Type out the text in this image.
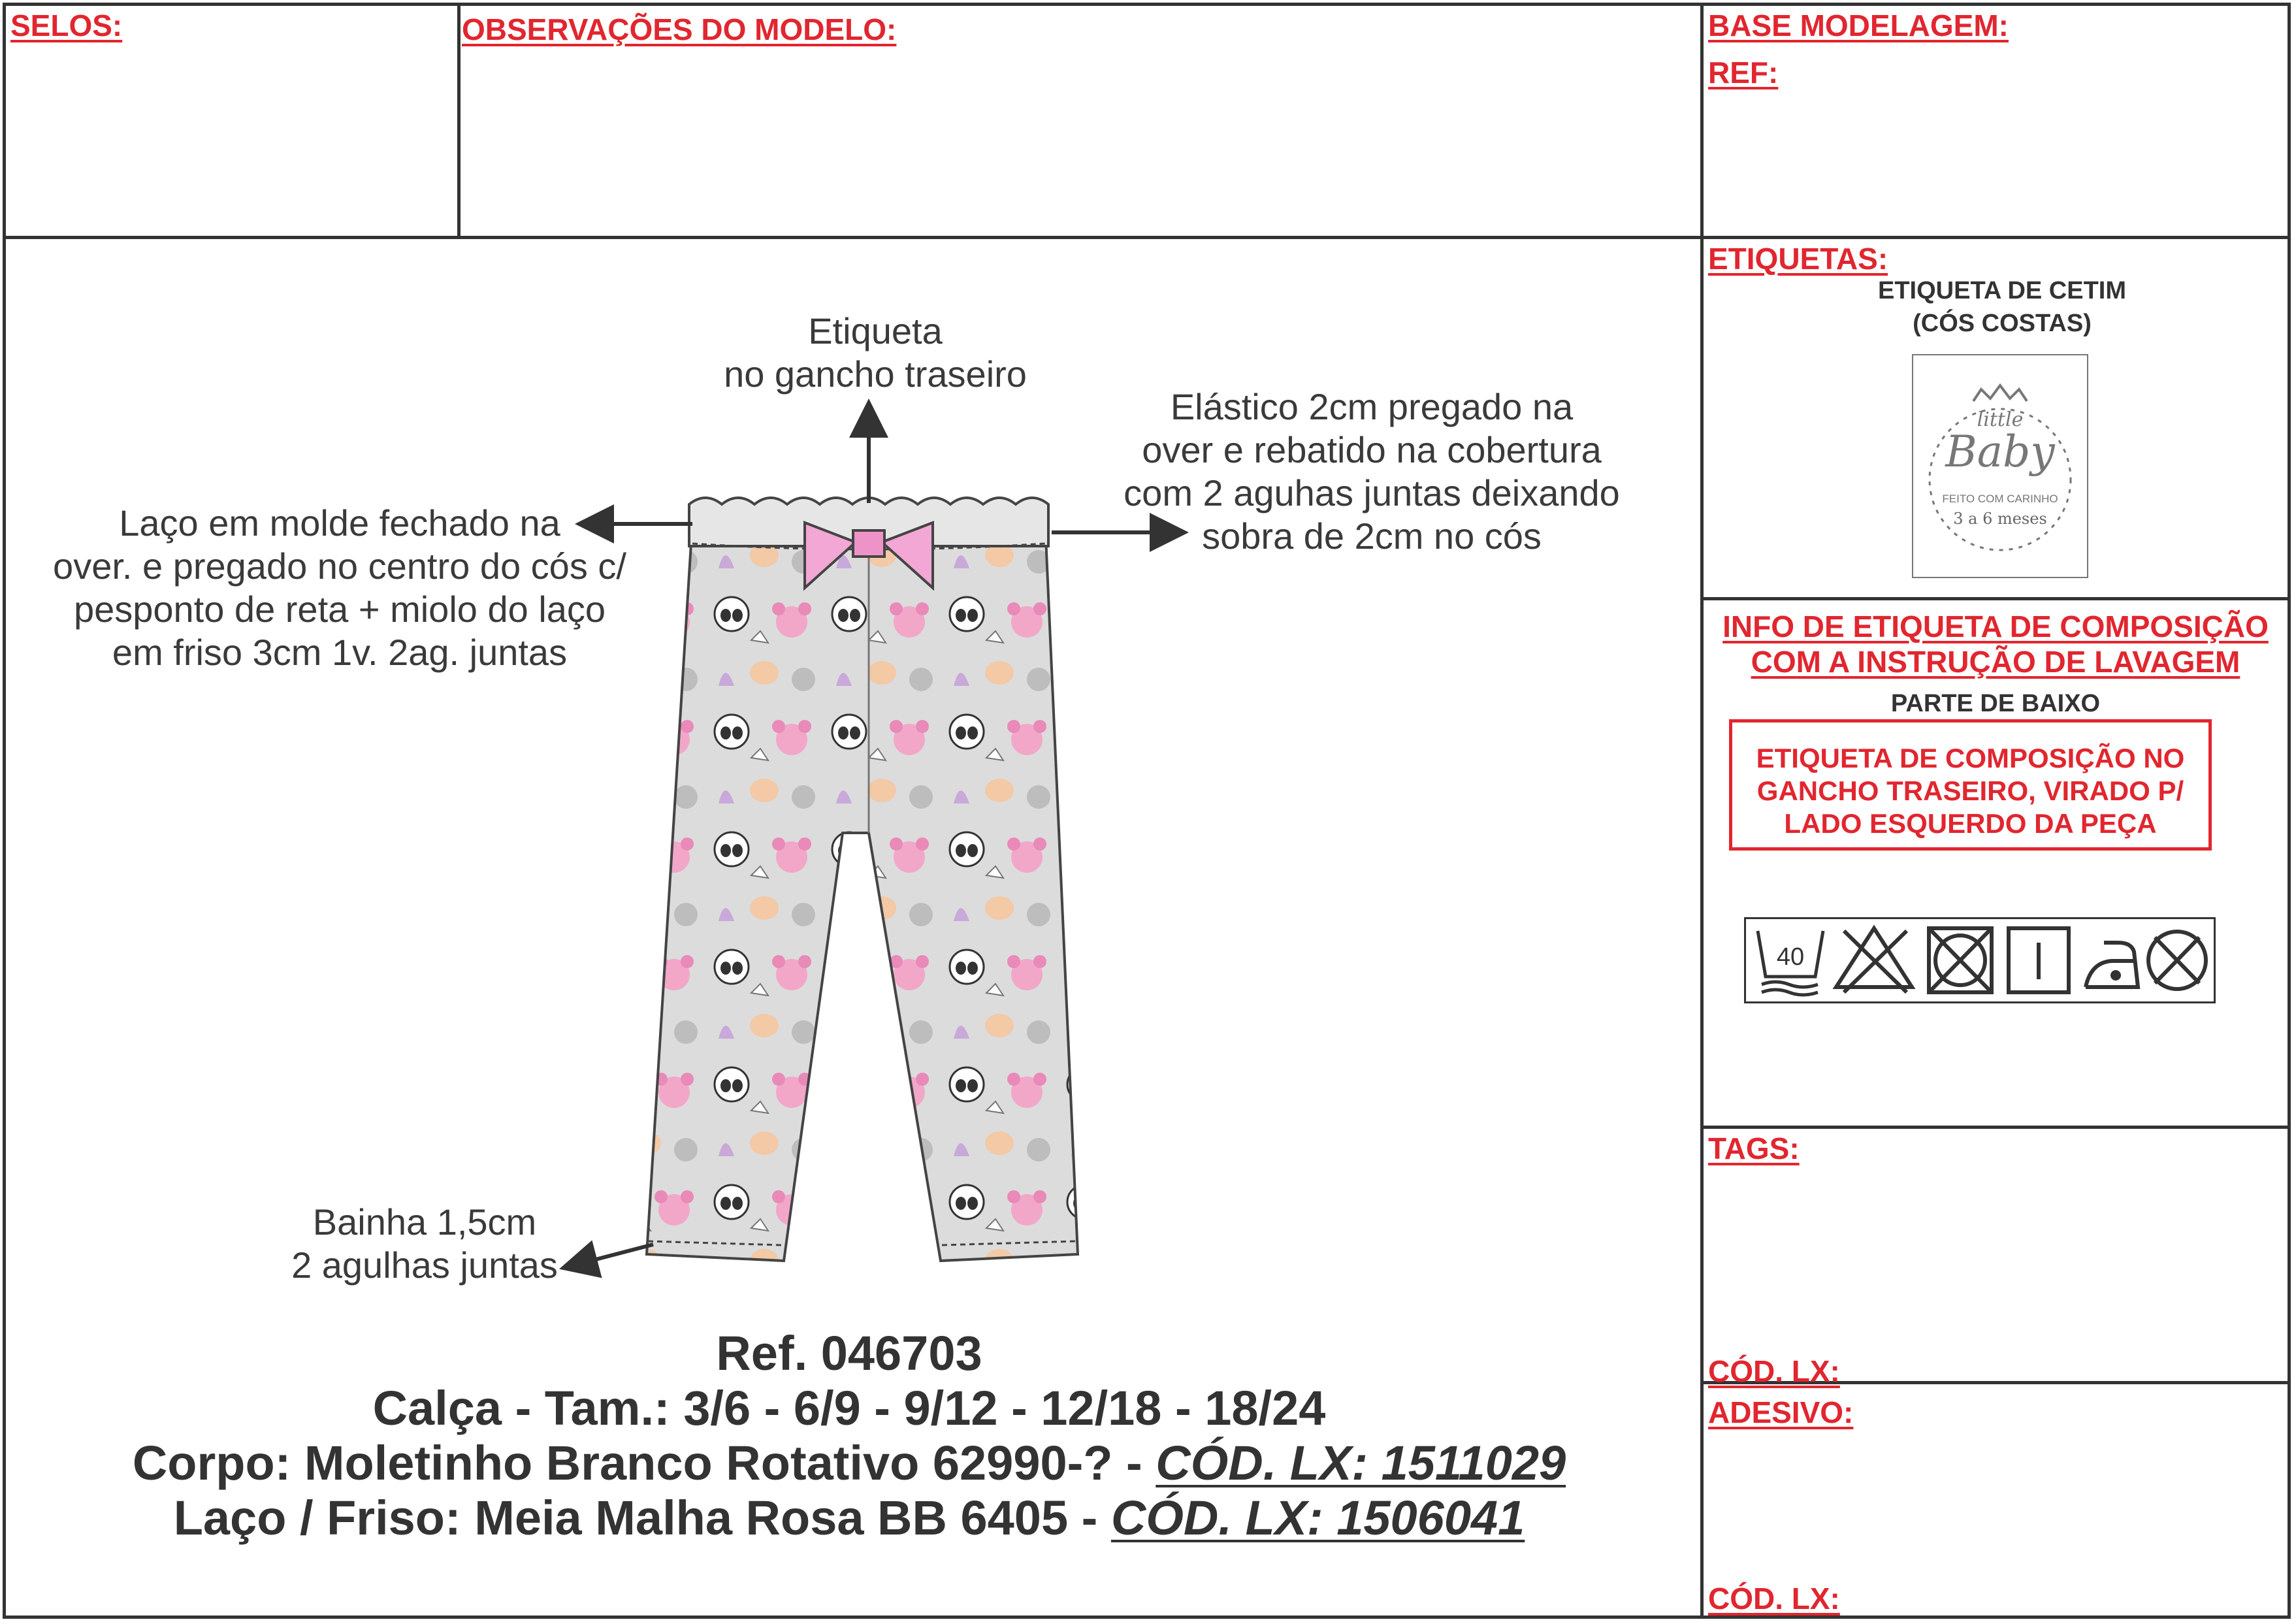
SELOS:	OBSERVAÇÕES DO MODELO:	BASE MODELAGEM:
REF:
ETIQUETAS:
ETIQUETA DE CETIM
(CÓS COSTAS)
little
Baby
FEITO COM CARINHO
3 a 6 meses
INFO DE ETIQUETA DE COMPOSIÇÃO
COM A INSTRUÇÃO DE LAVAGEM
PARTE DE BAIXO
ETIQUETA DE COMPOSIÇÃO NO
GANCHO TRASEIRO, VIRADO P/
LADO ESQUERDO DA PEÇA
40
TAGS:
CÓD. LX:
ADESIVO:
CÓD. LX:
Etiqueta
no gancho traseiro
Elástico 2cm pregado na
over e rebatido na cobertura
com 2 aguhas juntas deixando
sobra de 2cm no cós
Laço em molde fechado na
over. e pregado no centro do cós c/
pesponto de reta + miolo do laço
em friso 3cm 1v. 2ag. juntas
Bainha 1,5cm
2 agulhas juntas
Ref. 046703
Calça - Tam.: 3/6 - 6/9 - 9/12 - 12/18 - 18/24
Corpo: Moletinho Branco Rotativo 62990-? - CÓD. LX: 1511029
Laço / Friso: Meia Malha Rosa BB 6405 - CÓD. LX: 1506041
